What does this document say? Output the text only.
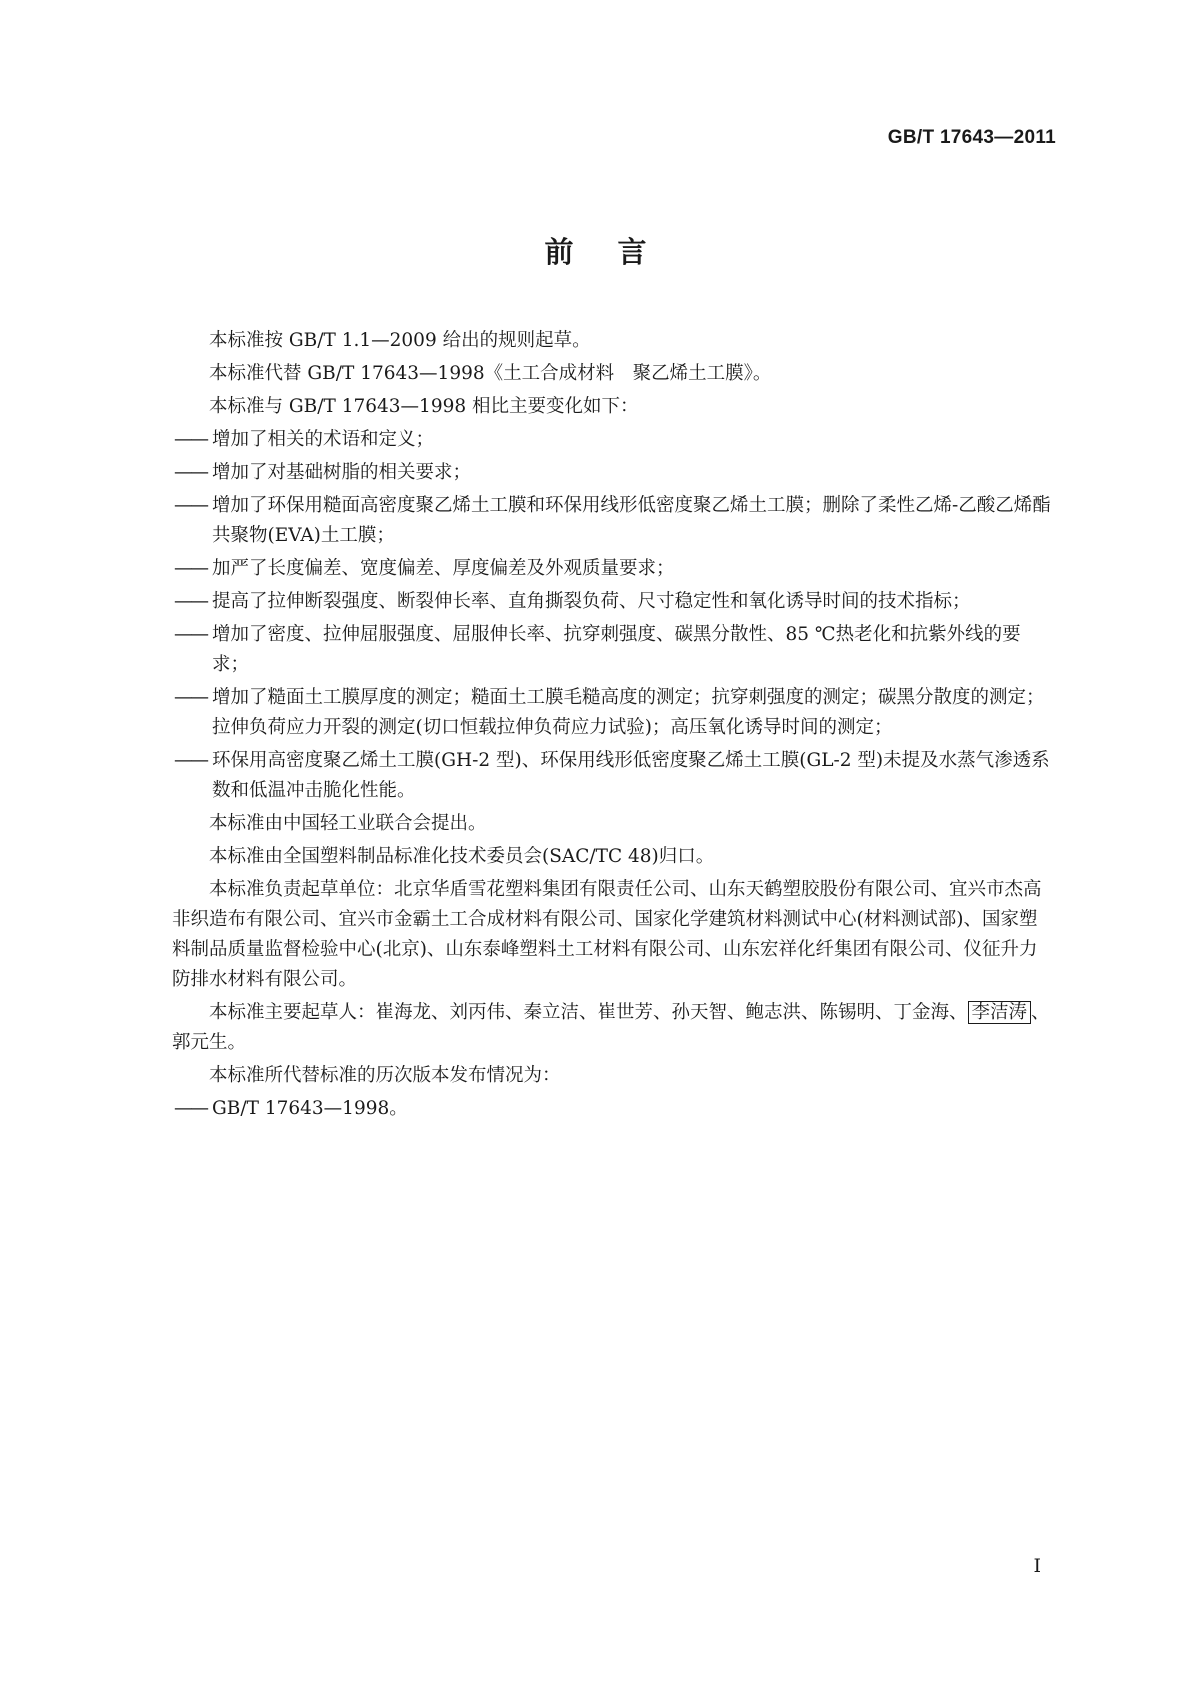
GB/T 17643—2011
前言

本标准按 GB/T 1.1—2009 给出的规则起草。

本标准代替 GB/T 17643—1998《土工合成材料　聚乙烯土工膜》。

本标准与 GB/T 17643—1998 相比主要变化如下：

—— 增加了相关的术语和定义；
—— 增加了对基础树脂的相关要求；
—— 增加了环保用糙面高密度聚乙烯土工膜和环保用线形低密度聚乙烯土工膜；删除了柔性乙烯-乙酸乙烯酯共聚物(EVA)土工膜；
—— 加严了长度偏差、宽度偏差、厚度偏差及外观质量要求；
—— 提高了拉伸断裂强度、断裂伸长率、直角撕裂负荷、尺寸稳定性和氧化诱导时间的技术指标；
—— 增加了密度、拉伸屈服强度、屈服伸长率、抗穿刺强度、碳黑分散性、85 ℃热老化和抗紫外线的要求；
—— 增加了糙面土工膜厚度的测定；糙面土工膜毛糙高度的测定；抗穿刺强度的测定；碳黑分散度的测定；拉伸负荷应力开裂的测定(切口恒载拉伸负荷应力试验)；高压氧化诱导时间的测定；
—— 环保用高密度聚乙烯土工膜(GH-2 型)、环保用线形低密度聚乙烯土工膜(GL-2 型)未提及水蒸气渗透系数和低温冲击脆化性能。

本标准由中国轻工业联合会提出。

本标准由全国塑料制品标准化技术委员会(SAC/TC 48)归口。

本标准负责起草单位：北京华盾雪花塑料集团有限责任公司、山东天鹤塑胶股份有限公司、宜兴市杰高非织造布有限公司、宜兴市金霸土工合成材料有限公司、国家化学建筑材料测试中心(材料测试部)、国家塑料制品质量监督检验中心(北京)、山东泰峰塑料土工材料有限公司、山东宏祥化纤集团有限公司、仪征升力防排水材料有限公司。

本标准主要起草人：崔海龙、刘丙伟、秦立洁、崔世芳、孙天智、鲍志洪、陈锡明、丁金海、 李洁涛 、郭元生。

本标准所代替标准的历次版本发布情况为：

—— GB/T 17643—1998。
I
